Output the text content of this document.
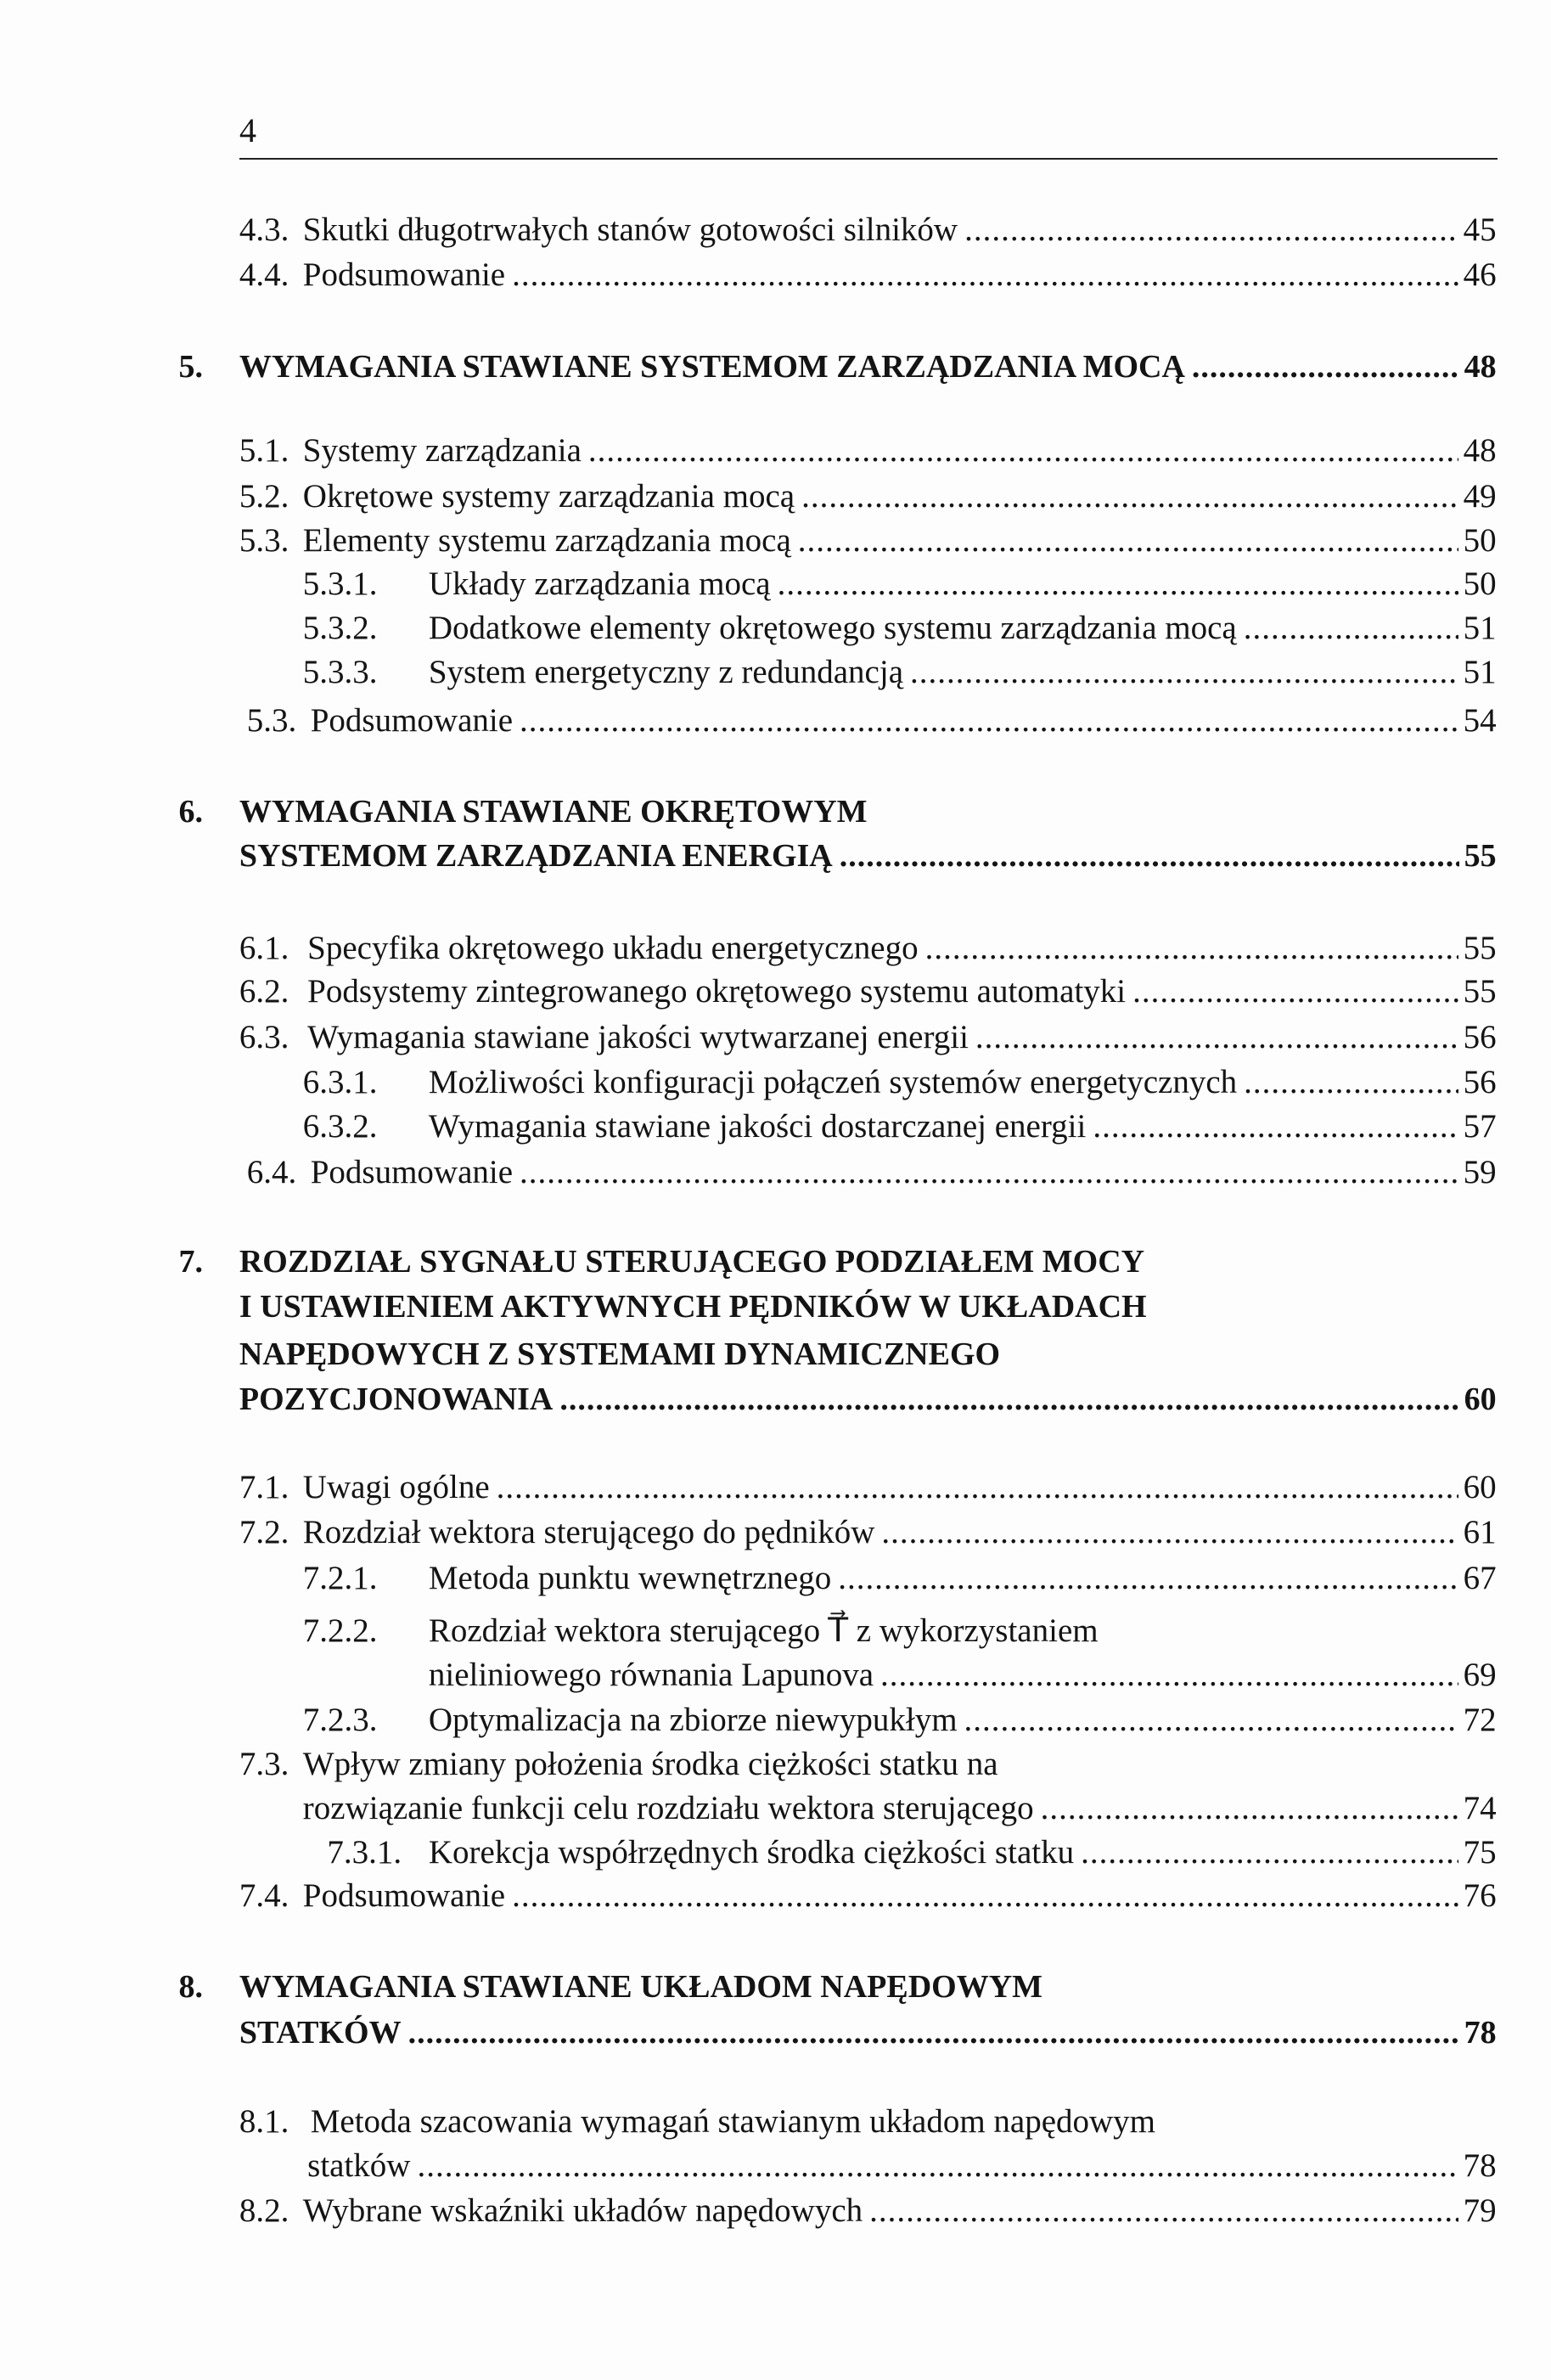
4
4.3. Skutki długotrwałych stanów gotowości silników .....	45
4.4. Podsumowanie .....	46
5. WYMAGANIA STAWIANE SYSTEMOM ZARZĄDZANIA MOCĄ .....	48
5.1. Systemy zarządzania .....	48
5.2. Okrętowe systemy zarządzania mocą .....	49
5.3. Elementy systemu zarządzania mocą .....	50
5.3.1. Układy zarządzania mocą .....	50
5.3.2. Dodatkowe elementy okrętowego systemu zarządzania mocą .....	51
5.3.3. System energetyczny z redundancją .....	51
5.3. Podsumowanie .....	54
6. WYMAGANIA STAWIANE OKRĘTOWYM
SYSTEMOM ZARZĄDZANIA ENERGIĄ .....	55
6.1. Specyfika okrętowego układu energetycznego .....	55
6.2. Podsystemy zintegrowanego okrętowego systemu automatyki .....	55
6.3. Wymagania stawiane jakości wytwarzanej energii .....	56
6.3.1. Możliwości konfiguracji połączeń systemów energetycznych .....	56
6.3.2. Wymagania stawiane jakości dostarczanej energii .....	57
6.4. Podsumowanie .....	59
7. ROZDZIAŁ SYGNAŁU STERUJĄCEGO PODZIAŁEM MOCY
I USTAWIENIEM AKTYWNYCH PĘDNIKÓW W UKŁADACH
NAPĘDOWYCH Z SYSTEMAMI DYNAMICZNEGO
POZYCJONOWANIA .....	60
7.1. Uwagi ogólne .....	60
7.2. Rozdział wektora sterującego do pędników .....	61
7.2.1. Metoda punktu wewnętrznego .....	67
7.2.2. Rozdział wektora sterującego T⃗ z wykorzystaniem
nieliniowego równania Lapunova .....	69
7.2.3. Optymalizacja na zbiorze niewypukłym .....	72
7.3. Wpływ zmiany położenia środka ciężkości statku na
rozwiązanie funkcji celu rozdziału wektora sterującego .....	74
7.3.1. Korekcja współrzędnych środka ciężkości statku .....	75
7.4. Podsumowanie .....	76
8. WYMAGANIA STAWIANE UKŁADOM NAPĘDOWYM
STATKÓW .....	78
8.1. Metoda szacowania wymagań stawianym układom napędowym
statków .....	78
8.2. Wybrane wskaźniki układów napędowych .....	79
